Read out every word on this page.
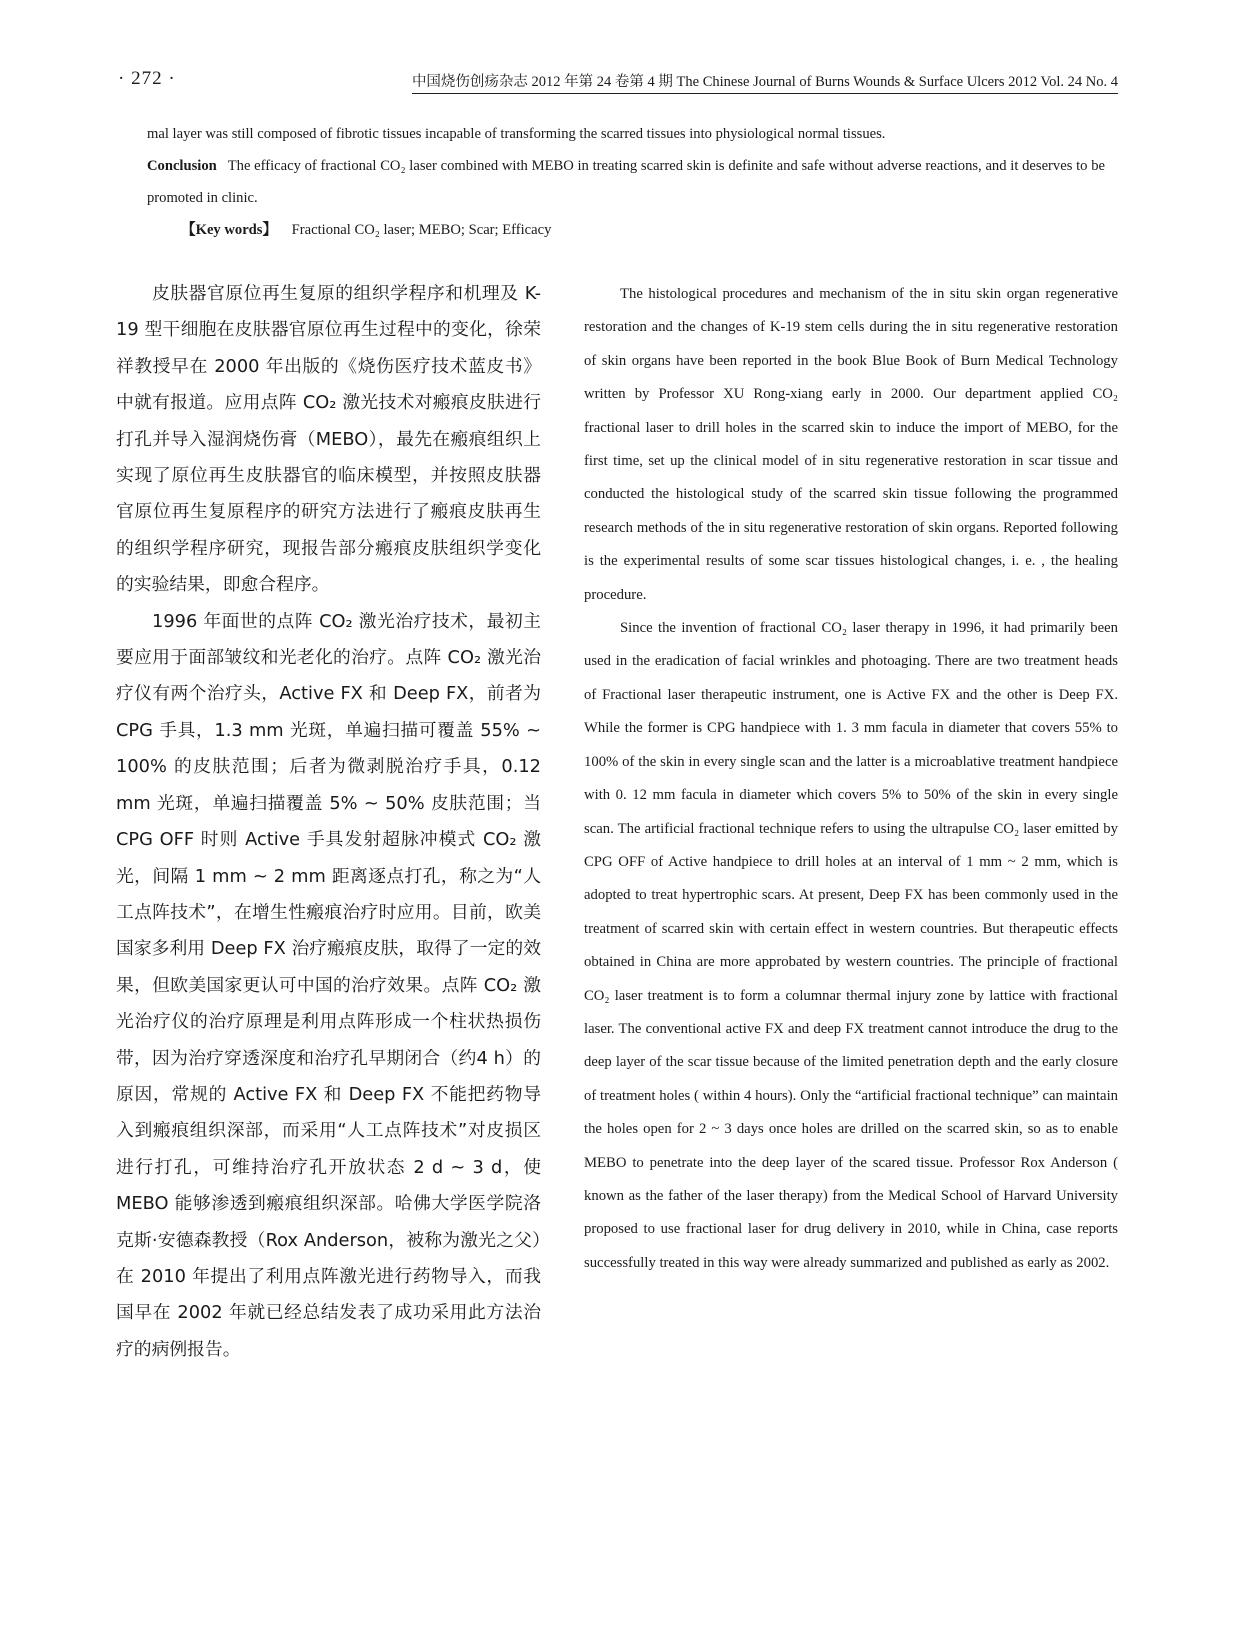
· 272 ·	中国烧伤创疡杂志 2012 年第 24 卷第 4 期 The Chinese Journal of Burns Wounds & Surface Ulcers 2012 Vol. 24 No. 4

mal layer was still composed of fibrotic tissues incapable of transforming the scarred tissues into physiological normal tissues.

Conclusion The efficacy of fractional CO₂ laser combined with MEBO in treating scarred skin is definite and safe without adverse reactions, and it deserves to be promoted in clinic.

【Key words】 Fractional CO₂ laser; MEBO; Scar; Efficacy

皮肤器官原位再生复原的组织学程序和机理及 K-19 型干细胞在皮肤器官原位再生过程中的变化，徐荣祥教授早在 2000 年出版的《烧伤医疗技术蓝皮书》中就有报道。应用点阵 CO₂ 激光技术对瘢痕皮肤进行打孔并导入湿润烧伤膏（MEBO），最先在瘢痕组织上实现了原位再生皮肤器官的临床模型，并按照皮肤器官原位再生复原程序的研究方法进行了瘢痕皮肤再生的组织学程序研究，现报告部分瘢痕皮肤组织学变化的实验结果，即愈合程序。

1996 年面世的点阵 CO₂ 激光治疗技术，最初主要应用于面部皱纹和光老化的治疗。点阵 CO₂ 激光治疗仪有两个治疗头，Active FX 和 Deep FX，前者为 CPG 手具，1.3 mm 光斑，单遍扫描可覆盖 55% ~ 100% 的皮肤范围；后者为微剥脱治疗手具，0.12 mm 光斑，单遍扫描覆盖 5% ~ 50% 皮肤范围；当 CPG OFF 时则 Active 手具发射超脉冲模式 CO₂ 激光，间隔 1 mm ~ 2 mm 距离逐点打孔，称之为“人工点阵技术”，在增生性瘢痕治疗时应用。目前，欧美国家多利用 Deep FX 治疗瘢痕皮肤，取得了一定的效果，但欧美国家更认可中国的治疗效果。点阵 CO₂ 激光治疗仪的治疗原理是利用点阵形成一个柱状热损伤带，因为治疗穿透深度和治疗孔早期闭合（约4 h）的原因，常规的 Active FX 和 Deep FX 不能把药物导入到瘢痕组织深部，而采用“人工点阵技术”对皮损区进行打孔，可维持治疗孔开放状态 2 d ~ 3 d，使 MEBO 能够渗透到瘢痕组织深部。哈佛大学医学院洛克斯·安德森教授（Rox Anderson，被称为激光之父）在 2010 年提出了利用点阵激光进行药物导入，而我国早在 2002 年就已经总结发表了成功采用此方法治疗的病例报告。

The histological procedures and mechanism of the in situ skin organ regenerative restoration and the changes of K-19 stem cells during the in situ regenerative restoration of skin organs have been reported in the book Blue Book of Burn Medical Technology written by Professor XU Rong-xiang early in 2000. Our department applied CO₂ fractional laser to drill holes in the scarred skin to induce the import of MEBO, for the first time, set up the clinical model of in situ regenerative restoration in scar tissue and conducted the histological study of the scarred skin tissue following the programmed research methods of the in situ regenerative restoration of skin organs. Reported following is the experimental results of some scar tissues histological changes, i. e. , the healing procedure.

Since the invention of fractional CO₂ laser therapy in 1996, it had primarily been used in the eradication of facial wrinkles and photoaging. There are two treatment heads of Fractional laser therapeutic instrument, one is Active FX and the other is Deep FX. While the former is CPG handpiece with 1. 3 mm facula in diameter that covers 55% to 100% of the skin in every single scan and the latter is a microablative treatment handpiece with 0. 12 mm facula in diameter which covers 5% to 50% of the skin in every single scan. The artificial fractional technique refers to using the ultrapulse CO₂ laser emitted by CPG OFF of Active handpiece to drill holes at an interval of 1 mm ~ 2 mm, which is adopted to treat hypertrophic scars. At present, Deep FX has been commonly used in the treatment of scarred skin with certain effect in western countries. But therapeutic effects obtained in China are more approbated by western countries. The principle of fractional CO₂ laser treatment is to form a columnar thermal injury zone by lattice with fractional laser. The conventional active FX and deep FX treatment cannot introduce the drug to the deep layer of the scar tissue because of the limited penetration depth and the early closure of treatment holes ( within 4 hours). Only the “artificial fractional technique” can maintain the holes open for 2 ~ 3 days once holes are drilled on the scarred skin, so as to enable MEBO to penetrate into the deep layer of the scared tissue. Professor Rox Anderson ( known as the father of the laser therapy) from the Medical School of Harvard University proposed to use fractional laser for drug delivery in 2010, while in China, case reports successfully treated in this way were already summarized and published as early as 2002.
